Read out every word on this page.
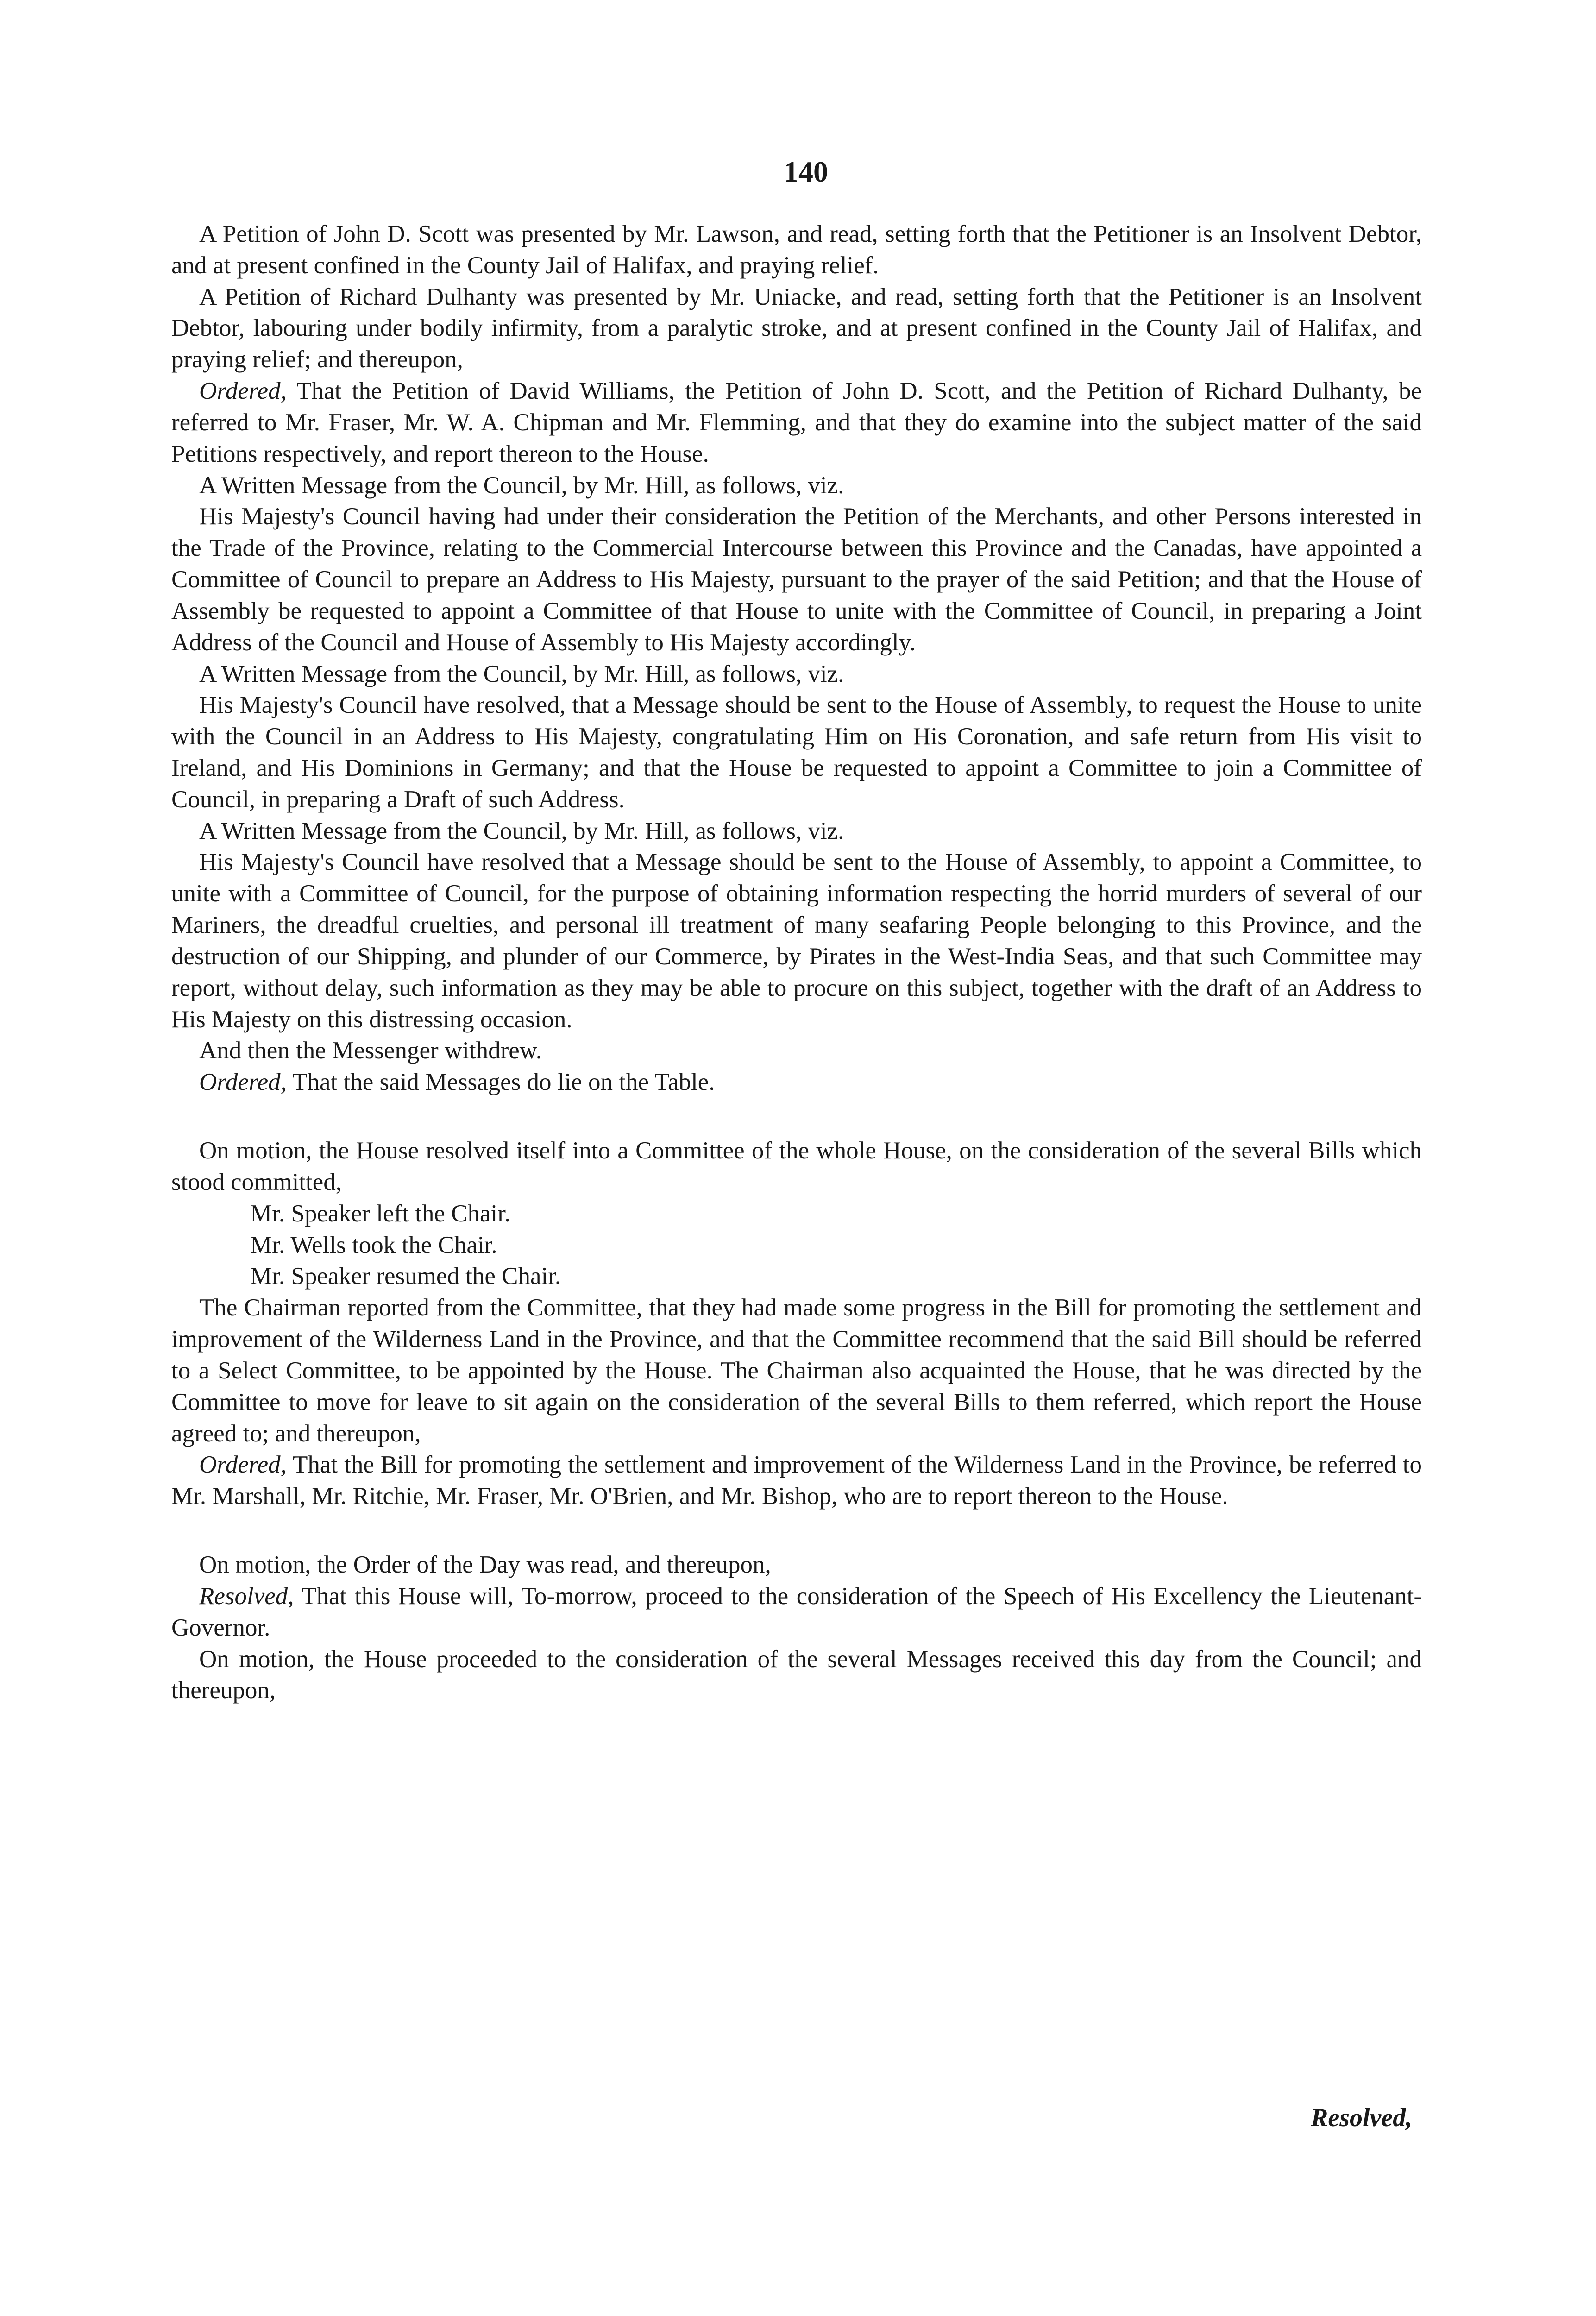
140

A Petition of John D. Scott was presented by Mr. Lawson, and read, setting forth that the Petitioner is an Insolvent Debtor, and at present confined in the County Jail of Halifax, and praying relief.

A Petition of Richard Dulhanty was presented by Mr. Uniacke, and read, setting forth that the Petitioner is an Insolvent Debtor, labouring under bodily infirmity, from a paralytic stroke, and at present confined in the County Jail of Halifax, and praying relief; and thereupon,

Ordered, That the Petition of David Williams, the Petition of John D. Scott, and the Petition of Richard Dulhanty, be referred to Mr. Fraser, Mr. W. A. Chipman and Mr. Flemming, and that they do examine into the subject matter of the said Petitions respectively, and report thereon to the House.

A Written Message from the Council, by Mr. Hill, as follows, viz.

His Majesty's Council having had under their consideration the Petition of the Merchants, and other Persons interested in the Trade of the Province, relating to the Commercial Intercourse between this Province and the Canadas, have appointed a Committee of Council to prepare an Address to His Majesty, pursuant to the prayer of the said Petition; and that the House of Assembly be requested to appoint a Committee of that House to unite with the Committee of Council, in preparing a Joint Address of the Council and House of Assembly to His Majesty accordingly.

A Written Message from the Council, by Mr. Hill, as follows, viz.

His Majesty's Council have resolved, that a Message should be sent to the House of Assembly, to request the House to unite with the Council in an Address to His Majesty, congratulating Him on His Coronation, and safe return from His visit to Ireland, and His Dominions in Germany; and that the House be requested to appoint a Committee to join a Committee of Council, in preparing a Draft of such Address.

A Written Message from the Council, by Mr. Hill, as follows, viz.

His Majesty's Council have resolved that a Message should be sent to the House of Assembly, to appoint a Committee, to unite with a Committee of Council, for the purpose of obtaining information respecting the horrid murders of several of our Mariners, the dreadful cruelties, and personal ill treatment of many seafaring People belonging to this Province, and the destruction of our Shipping, and plunder of our Commerce, by Pirates in the West-India Seas, and that such Committee may report, without delay, such information as they may be able to procure on this subject, together with the draft of an Address to His Majesty on this distressing occasion.

And then the Messenger withdrew.

Ordered, That the said Messages do lie on the Table.

On motion, the House resolved itself into a Committee of the whole House, on the consideration of the several Bills which stood committed,

Mr. Speaker left the Chair.

Mr. Wells took the Chair.

Mr. Speaker resumed the Chair.

The Chairman reported from the Committee, that they had made some progress in the Bill for promoting the settlement and improvement of the Wilderness Land in the Province, and that the Committee recommend that the said Bill should be referred to a Select Committee, to be appointed by the House. The Chairman also acquainted the House, that he was directed by the Committee to move for leave to sit again on the consideration of the several Bills to them referred, which report the House agreed to; and thereupon,

Ordered, That the Bill for promoting the settlement and improvement of the Wilderness Land in the Province, be referred to Mr. Marshall, Mr. Ritchie, Mr. Fraser, Mr. O'Brien, and Mr. Bishop, who are to report thereon to the House.

On motion, the Order of the Day was read, and thereupon,

Resolved, That this House will, To-morrow, proceed to the consideration of the Speech of His Excellency the Lieutenant-Governor.

On motion, the House proceeded to the consideration of the several Messages received this day from the Council; and thereupon,

Resolved,
